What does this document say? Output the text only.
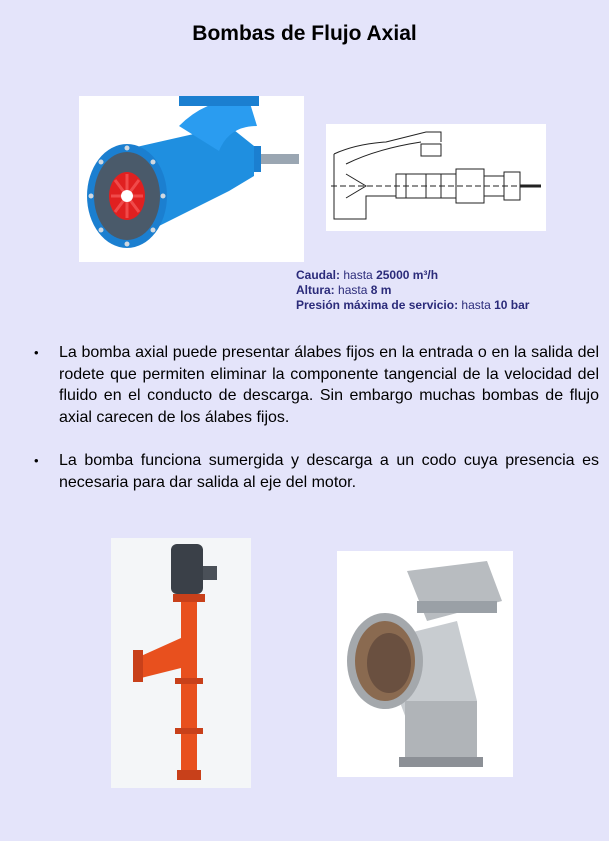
Bombas de Flujo Axial
Caudal: hasta 25000 m³/h
Altura: hasta 8 m
Presión máxima de servicio: hasta 10 bar
•	La bomba axial puede presentar álabes fijos en la entrada o en la salida del rodete que permiten eliminar la componente tangencial de la velocidad del fluido en el conducto de descarga. Sin embargo muchas bombas de flujo axial carecen de los álabes fijos.
•	La bomba funciona sumergida y descarga a un codo cuya presencia es necesaria para dar salida al eje del motor.
